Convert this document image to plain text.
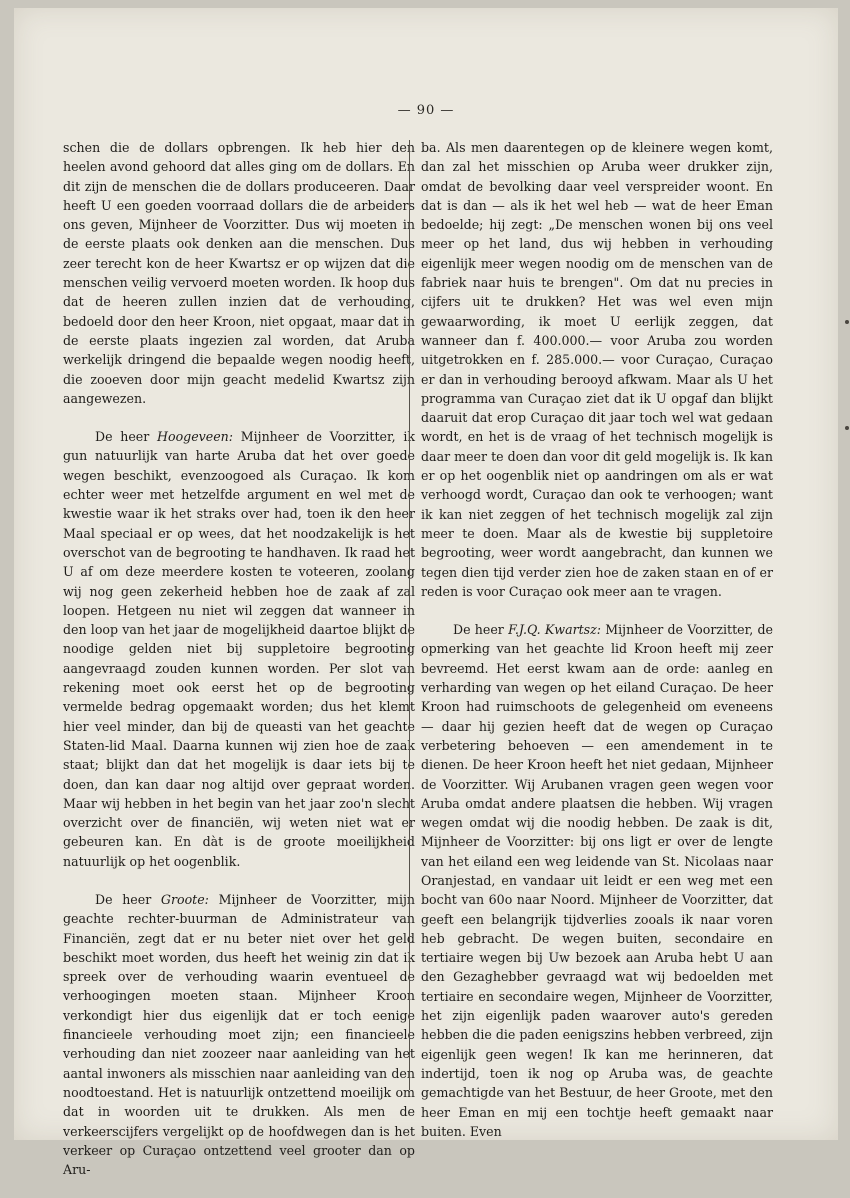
— 90 —

schen die de dollars opbrengen. Ik heb hier den heelen avond gehoord dat alles ging om de dollars. En dit zijn de menschen die de dollars produceeren. Daar heeft U een goeden voorraad dollars die de arbeiders ons geven, Mijnheer de Voorzitter. Dus wij moeten in de eerste plaats ook denken aan die menschen. Dus zeer terecht kon de heer Kwartsz er op wijzen dat die menschen veilig vervoerd moeten worden. Ik hoop dus dat de heeren zullen inzien dat de verhouding, bedoeld door den heer Kroon, niet opgaat, maar dat in de eerste plaats ingezien zal worden, dat Aruba werkelijk dringend die bepaalde wegen noodig heeft, die zooeven door mijn geacht medelid Kwartsz zijn aangewezen.

De heer Hoogeveen: Mijnheer de Voorzitter, ik gun natuurlijk van harte Aruba dat het over goede wegen beschikt, evenzoogoed als Curaçao. Ik kom echter weer met hetzelfde argument en wel met de kwestie waar ik het straks over had, toen ik den heer Maal speciaal er op wees, dat het noodzakelijk is het overschot van de begrooting te handhaven. Ik raad het U af om deze meerdere kosten te voteeren, zoolang wij nog geen zekerheid hebben hoe de zaak af zal loopen. Hetgeen nu niet wil zeggen dat wanneer in den loop van het jaar de mogelijkheid daartoe blijkt de noodige gelden niet bij suppletoire begrooting aangevraagd zouden kunnen worden. Per slot van rekening moet ook eerst het op de begrooting vermelde bedrag opgemaakt worden; dus het klemt hier veel minder, dan bij de queasti van het geachte Staten-lid Maal. Daarna kunnen wij zien hoe de zaak staat; blijkt dan dat het mogelijk is daar iets bij te doen, dan kan daar nog altijd over gepraat worden. Maar wij hebben in het begin van het jaar zoo'n slecht overzicht over de financiën, wij weten niet wat er gebeuren kan. En dàt is de groote moeilijkheid natuurlijk op het oogenblik.

De heer Groote: Mijnheer de Voorzitter, mijn geachte rechter-buurman de Administrateur van Financiën, zegt dat er nu beter niet over het geld beschikt moet worden, dus heeft het weinig zin dat ik spreek over de verhouding waarin eventueel de verhoogingen moeten staan. Mijnheer Kroon verkondigt hier dus eigenlijk dat er toch eenige financieele verhouding moet zijn; een financieele verhouding dan niet zoozeer naar aanleiding van het aantal inwoners als misschien naar aanleiding van den noodtoestand. Het is natuurlijk ontzettend moeilijk om dat in woorden uit te drukken. Als men de verkeerscijfers vergelijkt op de hoofdwegen dan is het verkeer op Curaçao ontzettend veel grooter dan op Aru-

ba. Als men daarentegen op de kleinere wegen komt, dan zal het misschien op Aruba weer drukker zijn, omdat de bevolking daar veel verspreider woont. En dat is dan — als ik het wel heb — wat de heer Eman bedoelde; hij zegt: „De menschen wonen bij ons veel meer op het land, dus wij hebben in verhouding eigenlijk meer wegen noodig om de menschen van de fabriek naar huis te brengen". Om dat nu precies in cijfers uit te drukken? Het was wel even mijn gewaarwording, ik moet U eerlijk zeggen, dat wanneer dan f. 400.000.— voor Aruba zou worden uitgetrokken en f. 285.000.— voor Curaçao, Curaçao er dan in verhouding berooyd afkwam. Maar als U het programma van Curaçao ziet dat ik U opgaf dan blijkt daaruit dat erop Curaçao dit jaar toch wel wat gedaan wordt, en het is de vraag of het technisch mogelijk is daar meer te doen dan voor dit geld mogelijk is. Ik kan er op het oogenblik niet op aandringen om als er wat verhoogd wordt, Curaçao dan ook te verhoogen; want ik kan niet zeggen of het technisch mogelijk zal zijn meer te doen. Maar als de kwestie bij suppletoire begrooting, weer wordt aangebracht, dan kunnen we tegen dien tijd verder zien hoe de zaken staan en of er reden is voor Curaçao ook meer aan te vragen.

De heer F.J.Q. Kwartsz: Mijnheer de Voorzitter, de opmerking van het geachte lid Kroon heeft mij zeer bevreemd. Het eerst kwam aan de orde: aanleg en verharding van wegen op het eiland Curaçao. De heer Kroon had ruimschoots de gelegenheid om eveneens — daar hij gezien heeft dat de wegen op Curaçao verbetering behoeven — een amendement in te dienen. De heer Kroon heeft het niet gedaan, Mijnheer de Voorzitter. Wij Arubanen vragen geen wegen voor Aruba omdat andere plaatsen die hebben. Wij vragen wegen omdat wij die noodig hebben. De zaak is dit, Mijnheer de Voorzitter: bij ons ligt er over de lengte van het eiland een weg leidende van St. Nicolaas naar Oranjestad, en vandaar uit leidt er een weg met een bocht van 60o naar Noord. Mijnheer de Voorzitter, dat geeft een belangrijk tijdverlies zooals ik naar voren heb gebracht. De wegen buiten, secondaire en tertiaire wegen bij Uw bezoek aan Aruba hebt U aan den Gezaghebber gevraagd wat wij bedoelden met tertiaire en secondaire wegen, Mijnheer de Voorzitter, het zijn eigenlijk paden waarover auto's gereden hebben die die paden eenigszins hebben verbreed, zijn eigenlijk geen wegen! Ik kan me herinneren, dat indertijd, toen ik nog op Aruba was, de geachte gemachtigde van het Bestuur, de heer Groote, met den heer Eman en mij een tochtje heeft gemaakt naar buiten. Even
